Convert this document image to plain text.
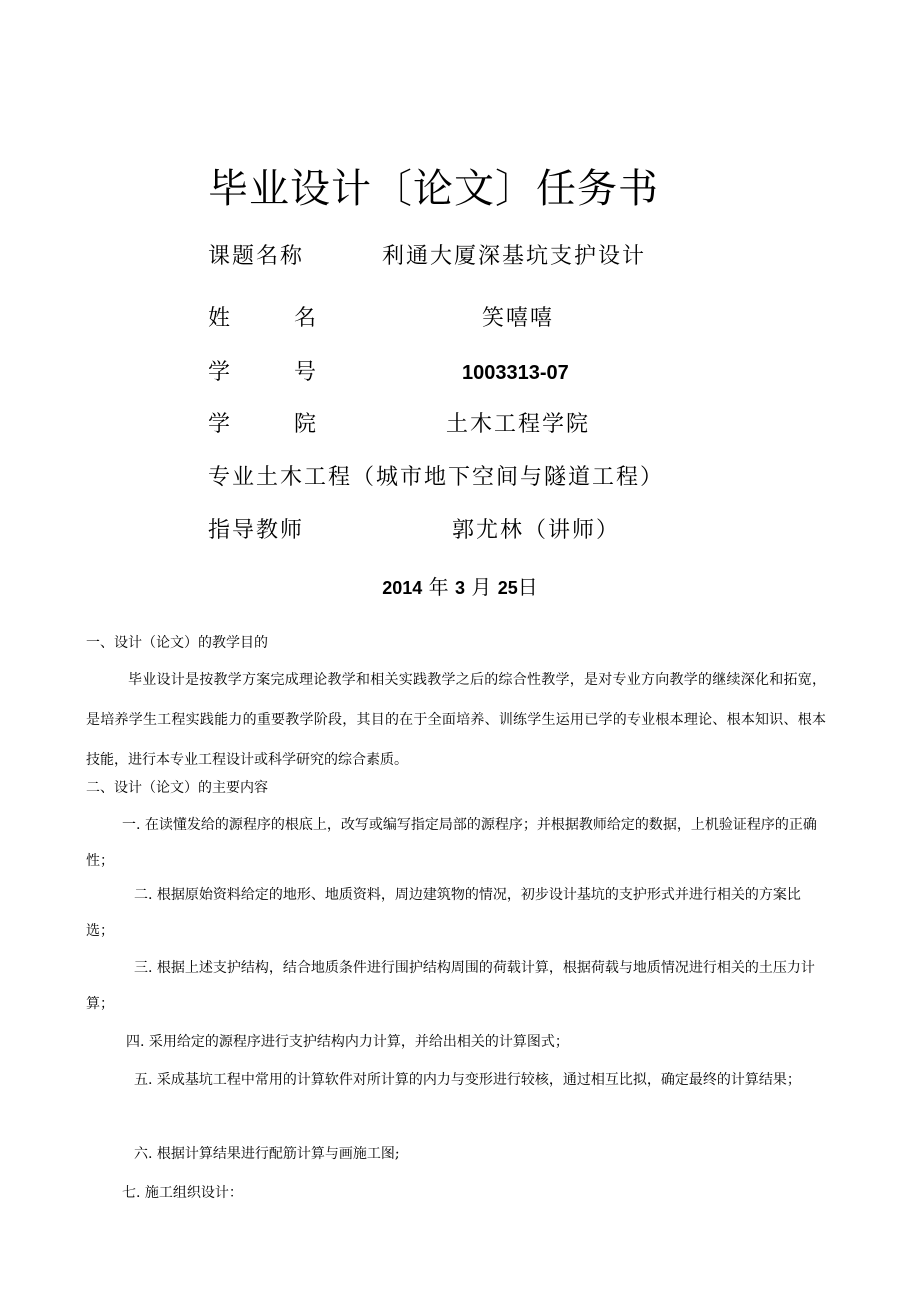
毕业设计〔论文〕任务书
课题名称	利通大厦深基坑支护设计
姓	名	笑嘻嘻
学	号	1003313-07
学	院	土木工程学院
专业土木工程（城市地下空间与隧道工程）
指导教师	郭尤林（讲师）
2014 年 3 月 25日
一、设计（论文）的教学目的
毕业设计是按教学方案完成理论教学和相关实践教学之后的综合性教学，是对专业方向教学的继续深化和拓宽，是培养学生工程实践能力的重要教学阶段，其目的在于全面培养、训练学生运用已学的专业根本理论、根本知识、根本技能，进行本专业工程设计或科学研究的综合素质。
二、设计（论文）的主要内容
一. 在读懂发给的源程序的根底上，改写或编写指定局部的源程序；并根据教师给定的数据，上机验证程序的正确性；
二. 根据原始资料给定的地形、地质资料，周边建筑物的情况，初步设计基坑的支护形式并进行相关的方案比选；
三. 根据上述支护结构，结合地质条件进行围护结构周围的荷载计算，根据荷载与地质情况进行相关的土压力计算；
四. 采用给定的源程序进行支护结构内力计算，并给出相关的计算图式；
五. 采成基坑工程中常用的计算软件对所计算的内力与变形进行较核，通过相互比拟，确定最终的计算结果；
六. 根据计算结果进行配筋计算与画施工图;
七. 施工组织设计：
